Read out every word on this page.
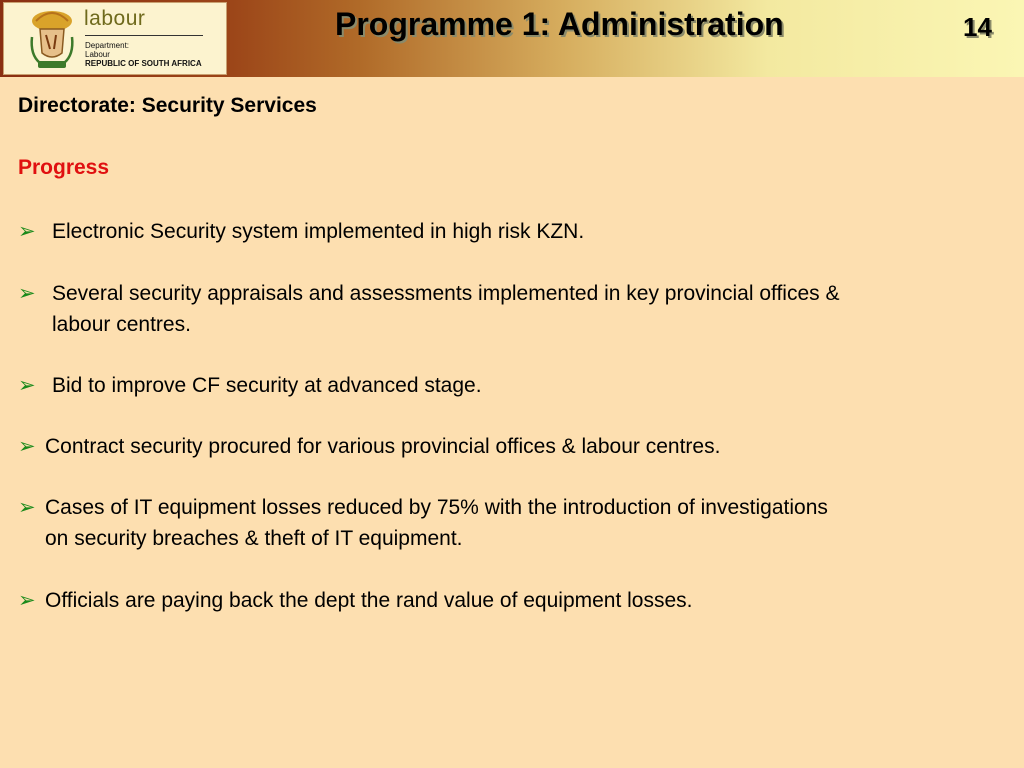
labour
Department:
Labour
REPUBLIC OF SOUTH AFRICA
Programme 1: Administration	14
Directorate: Security Services
Progress
➢ Electronic Security system implemented in high risk KZN.
➢ Several security appraisals and assessments implemented in key provincial offices &
labour centres.
➢ Bid to improve CF security at advanced stage.
➢ Contract security procured for various provincial offices & labour centres.
➢ Cases of IT equipment losses reduced by 75% with the introduction of investigations
on security breaches & theft of IT equipment.
➢ Officials are paying back the dept the rand value of equipment losses.
